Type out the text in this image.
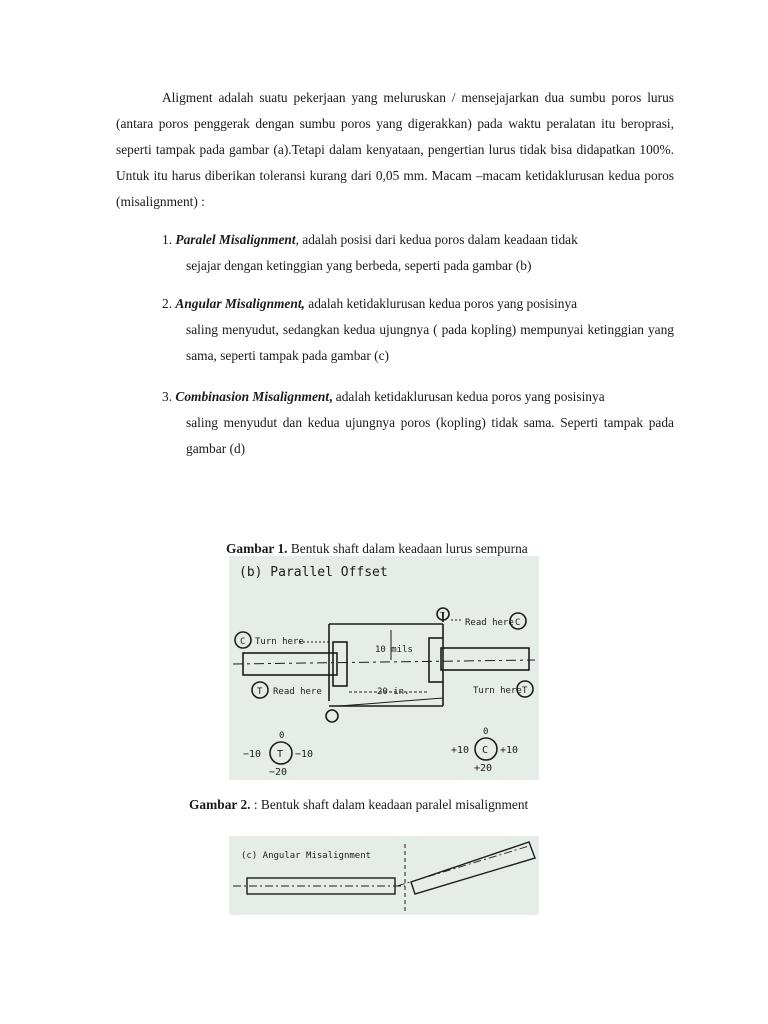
Aligment adalah suatu pekerjaan yang meluruskan / mensejajarkan dua sumbu poros lurus (antara poros penggerak dengan sumbu poros yang digerakkan) pada waktu peralatan itu beroprasi, seperti tampak pada gambar (a).Tetapi dalam kenyataan, pengertian lurus tidak bisa didapatkan 100%. Untuk itu harus diberikan toleransi kurang dari 0,05 mm. Macam –macam ketidaklurusan kedua poros (misalignment) :
1. Paralel Misalignment, adalah posisi dari kedua poros dalam keadaan tidak
sejajar dengan ketinggian yang berbeda, seperti pada gambar (b)
2. Angular Misalignment, adalah ketidaklurusan kedua poros yang posisinya
saling menyudut, sedangkan kedua ujungnya ( pada kopling) mempunyai ketinggian yang sama, seperti tampak pada gambar (c)
3. Combinasion Misalignment, adalah ketidaklurusan kedua poros yang posisinya
saling menyudut dan kedua ujungnya poros (kopling) tidak sama. Seperti tampak pada gambar (d)
Gambar 1. Bentuk shaft dalam keadaan lurus sempurna
(b) Parallel Offset
T
Read here C
C Turn here
10 mils
20-in.
T Read here	Turn here T
T
0
−10	−10
−20
C
0
+10	+10
+20
Gambar 2. : Bentuk shaft dalam keadaan paralel misalignment
(c) Angular Misalignment
